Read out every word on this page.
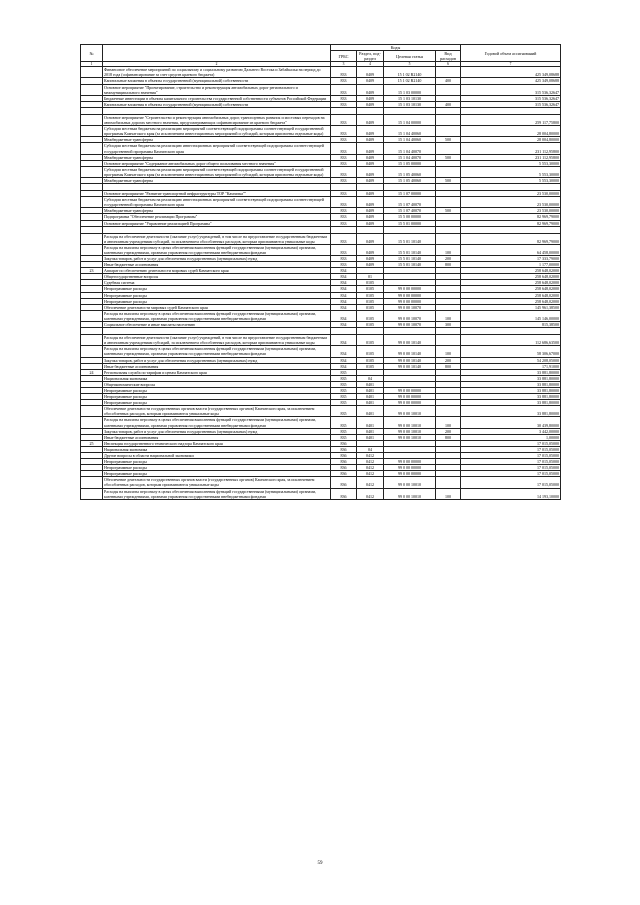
№		Коды				Годовой объем ассигнований
		ГРБС	Раздел, под-раздел	Целевая статья	Вид расходов	
1	2	3	4	5	6	7
	Финансовое обеспечение мероприятий по социальному и социальному развитию Дальнего Востока и Забайкалья на период до 2018 года (софинансирование за счет средств краевого бюджета)	833	0409	15 1 02 R2140		425 349,08688
	Капитальные вложения в объекты государственной (муниципальной) собственности	833	0409	15 1 02 R2140	400	425 349,08688
	Основное мероприятие "Проектирование, строительство и реконструкция автомобильных дорог регионального и межмуниципального значения"	833	0409	15 1 03 00000		315 536,32647
	Бюджетные инвестиции в объекты капитального строительства государственной собственности субъектов Российской Федерации	833	0409	15 1 03 10130		315 536,32647
	Капитальные вложения в объекты государственной (муниципальной) собственности	833	0409	15 1 03 10130	400	315 536,32647

	Основное мероприятие "Строительство и реконструкция автомобильных дорог, транспортных развязок и мостовых переходов на автомобильных дорогах местного значения, предусматривающих софинансирование из краевого бюджета"	833	0409	15 1 04 00000		259 117,75800
	Субсидии местным бюджетам на реализацию мероприятий соответствующей подпрограммы соответствующей государственной программы Камчатского края (за исключением инвестиционных мероприятий и субсидий, которым присвоены отдельные коды)	833	0409	15 1 04 40060		28 004,80000
	Межбюджетные трансферты	833	0409	15 1 04 40060	500	28 004,80000
	Субсидии местным бюджетам на реализацию инвестиционных мероприятий соответствующей подпрограммы соответствующей государственной программы Камчатского края	833	0409	15 1 04 40070		231 112,95800
	Межбюджетные трансферты	833	0409	15 1 04 40070	500	231 112,95800
	Основное мероприятие "Содержание автомобильных дорог общего пользования местного значения"	833	0409	15 1 05 00000		5 553,30000
	Субсидии местным бюджетам на реализацию мероприятий соответствующей подпрограммы соответствующей государственной программы Камчатского края (за исключением инвестиционных мероприятий и субсидий, которым присвоены отдельные коды)	833	0409	15 1 05 40060		5 553,30000
	Межбюджетные трансферты	833	0409	15 1 05 40060	500	5 553,30000

	Основное мероприятие "Развитие транспортной инфраструктуры ТОР "Камчатка""	833	0409	15 1 07 00000		23 530,00000
	Субсидии местным бюджетам на реализацию инвестиционных мероприятий соответствующей подпрограммы соответствующей государственной программы Камчатского края	833	0409	15 1 07 40070		23 530,00000
	Межбюджетные трансферты	833	0409	15 1 07 40070	500	23 530,00000
	Подпрограмма "Обеспечение реализации Программы"	833	0409	15 5 00 00000		82 969,79000
	Основное мероприятие "Управление реализацией Программы"	833	0409	15 5 01 00000		82 969,79000

	Расходы на обеспечение деятельности (оказание услуг) учреждений, в том числе на предоставление государственным бюджетным и автономным учреждениям субсидий, за исключением обособленных расходов, которым присваиваются уникальные коды	833	0409	15 5 01 10140		82 969,79000
	Расходы на выплаты персоналу в целях обеспечения выполнения функций государственными (муниципальными) органами, казенными учреждениями, органами управления государственными внебюджетными фондами	833	0409	15 5 01 10140	100	64 458,00000
	Закупка товаров, работ и услуг для обеспечения государственных (муниципальных) нужд	833	0409	15 5 01 10140	200	17 333,79000
	Иные бюджетные ассигнования	833	0409	15 5 01 10140	800	1 177,00000
23	Аппарат по обеспечению деятельности мировых судей Камчатского края	834				258 648,02000
	Общегосударственные вопросы	834	01			258 648,02000
	Судебная система	834	0105			258 648,02000
	Непрограммные расходы	834	0105	99 0 00 00000		258 648,02000
	Непрограммные расходы	834	0105	99 0 00 00000		258 648,02000
	Непрограммные расходы	834	0105	99 0 00 00000		258 648,02000
	Обеспечение деятельности мировых судей Камчатского края	834	0105	99 0 00 10070		145 961,38500
	Расходы на выплаты персоналу в целях обеспечения выполнения функций государственными (муниципальными) органами, казенными учреждениями, органами управления государственными внебюджетными фондами	834	0105	99 0 00 10070	100	145 146,00000
	Социальное обеспечение и иные выплаты населению	834	0105	99 0 00 10070	300	815,38500

	Расходы на обеспечение деятельности (оказание услуг) учреждений, в том числе на предоставление государственным бюджетным и автономным учреждениям субсидий, за исключением обособленных расходов, которым присваиваются уникальные коды	834	0105	99 0 00 10140		112 686,63500
	Расходы на выплаты персоналу в целях обеспечения выполнения функций государственными (муниципальными) органами, казенными учреждениями, органами управления государственными внебюджетными фондами	834	0105	99 0 00 10140	100	58 306,67000
	Закупка товаров, работ и услуг для обеспечения государственных (муниципальных) нужд	834	0105	99 0 00 10140	200	54 208,05000
	Иные бюджетные ассигнования	834	0105	99 0 00 10140	800	171,91000
24	Региональная служба по тарифам и ценам Камчатского края	835				33 881,80000
	Национальная экономика	835	04			33 881,80000
	Общеэкономические вопросы	835	0401			33 881,80000
	Непрограммные расходы	835	0401	99 0 00 00000		33 881,80000
	Непрограммные расходы	835	0401	99 0 00 00000		33 881,80000
	Непрограммные расходы	835	0401	99 0 00 00000		33 881,80000
	Обеспечение деятельности государственных органов власти (государственных органов) Камчатского края, за исключением обособленных расходов, которым присваиваются уникальные коды	835	0401	99 0 00 10010		33 881,80000
	Расходы на выплаты персоналу в целях обеспечения выполнения функций государственными (муниципальными) органами, казенными учреждениями, органами управления государственными внебюджетными фондами	835	0401	99 0 00 10010	100	30 439,80000
	Закупка товаров, работ и услуг для обеспечения государственных (муниципальных) нужд	835	0401	99 0 00 10010	200	3 442,00000
	Иные бюджетные ассигнования	835	0401	99 0 00 10010	800	1,00000
25	Инспекция государственного технического надзора Камчатского края	836				17 015,05000
	Национальная экономика	836	04			17 015,05000
	Другие вопросы в области национальной экономики	836	0412			17 015,05000
	Непрограммные расходы	836	0412	99 0 00 00000		17 015,05000
	Непрограммные расходы	836	0412	99 0 00 00000		17 015,05000
	Непрограммные расходы	836	0412	99 0 00 00000		17 015,05000
	Обеспечение деятельности государственных органов власти (государственных органов) Камчатского края, за исключением обособленных расходов, которым присваиваются уникальные коды	836	0412	99 0 00 10010		17 015,05000
	Расходы на выплаты персоналу в целях обеспечения выполнения функций государственными (муниципальными) органами, казенными учреждениями, органами управления государственными внебюджетными фондами	836	0412	99 0 00 10010	100	14 193,10000
59
